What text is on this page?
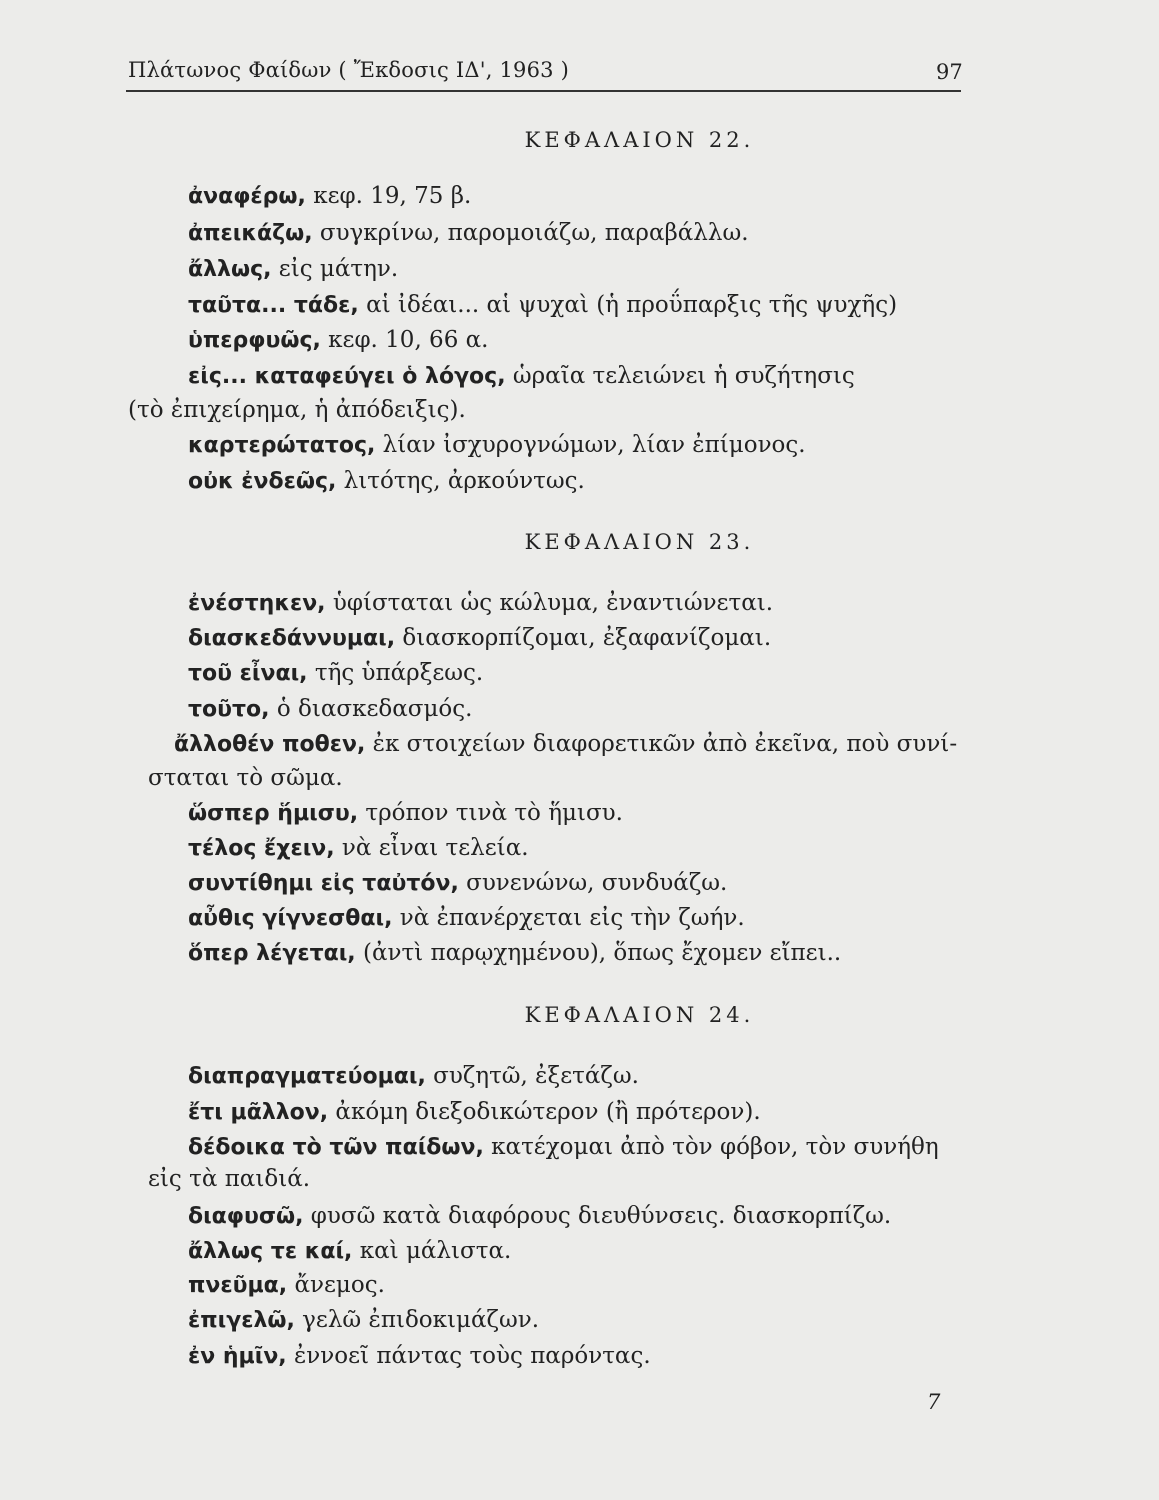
Πλάτωνος Φαίδων ( Ἔκδοσις ΙΔ', 1963 )	97
ΚΕΦΑΛΑΙΟΝ 22.
ἀναφέρω, κεφ. 19, 75 β.
ἀπεικάζω, συγκρίνω, παρομοιάζω, παραβάλλω.
ἄλλως, εἰς μάτην.
ταῦτα... τάδε, αἱ ἰδέαι... αἱ ψυχαὶ (ἡ προΰπαρξις τῆς ψυχῆς)
ὑπερφυῶς, κεφ. 10, 66 α.
εἰς... καταφεύγει ὁ λόγος, ὡραῖα τελειώνει ἡ συζήτησις
(τὸ ἐπιχείρημα, ἡ ἀπόδειξις).
καρτερώτατος, λίαν ἰσχυρογνώμων, λίαν ἐπίμονος.
οὐκ ἐνδεῶς, λιτότης, ἀρκούντως.
ΚΕΦΑΛΑΙΟΝ 23.
ἐνέστηκεν, ὑφίσταται ὡς κώλυμα, ἐναντιώνεται.
διασκεδάννυμαι, διασκορπίζομαι, ἐξαφανίζομαι.
τοῦ εἶναι, τῆς ὑπάρξεως.
τοῦτο, ὁ διασκεδασμός.
ἄλλοθέν ποθεν, ἐκ στοιχείων διαφορετικῶν ἀπὸ ἐκεῖνα, ποὺ συνί-
σταται τὸ σῶμα.
ὥσπερ ἥμισυ, τρόπον τινὰ τὸ ἥμισυ.
τέλος ἔχειν, νὰ εἶναι τελεία.
συντίθημι εἰς ταὐτόν, συνενώνω, συνδυάζω.
αὖθις γίγνεσθαι, νὰ ἐπανέρχεται εἰς τὴν ζωήν.
ὅπερ λέγεται, (ἀντὶ παρῳχημένου), ὅπως ἔχομεν εἴπει..
ΚΕΦΑΛΑΙΟΝ 24.
διαπραγματεύομαι, συζητῶ, ἐξετάζω.
ἔτι μᾶλλον, ἀκόμη διεξοδικώτερον (ἢ πρότερον).
δέδοικα τὸ τῶν παίδων, κατέχομαι ἀπὸ τὸν φόβον, τὸν συνήθη
εἰς τὰ παιδιά.
διαφυσῶ, φυσῶ κατὰ διαφόρους διευθύνσεις. διασκορπίζω.
ἄλλως τε καί, καὶ μάλιστα.
πνεῦμα, ἄνεμος.
ἐπιγελῶ, γελῶ ἐπιδοκιμάζων.
ἐν ἡμῖν, ἐννοεῖ πάντας τοὺς παρόντας.
7
